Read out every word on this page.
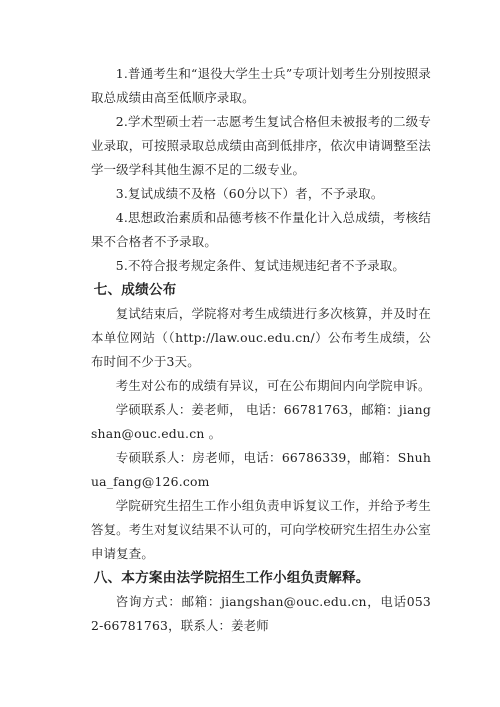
1.普通考生和“退役大学生士兵”专项计划考生分别按照录取总成绩由高至低顺序录取。

2.学术型硕士若一志愿考生复试合格但未被报考的二级专业录取，可按照录取总成绩由高到低排序，依次申请调整至法学一级学科其他生源不足的二级专业。

3.复试成绩不及格（60分以下）者，不予录取。

4.思想政治素质和品德考核不作量化计入总成绩，考核结果不合格者不予录取。

5.不符合报考规定条件、复试违规违纪者不予录取。

七、成绩公布

复试结束后，学院将对考生成绩进行多次核算，并及时在本单位网站（（http://law.ouc.edu.cn/）公布考生成绩，公布时间不少于3天。

考生对公布的成绩有异议，可在公布期间内向学院申诉。

学硕联系人：姜老师， 电话：66781763，邮箱：jiangshan@ouc.edu.cn 。

专硕联系人：房老师，电话：66786339，邮箱：Shuhua_fang@126.com

学院研究生招生工作小组负责申诉复议工作，并给予考生答复。考生对复议结果不认可的，可向学校研究生招生办公室申请复查。

八、本方案由法学院招生工作小组负责解释。

咨询方式：邮箱：jiangshan@ouc.edu.cn，电话0532-66781763，联系人：姜老师
